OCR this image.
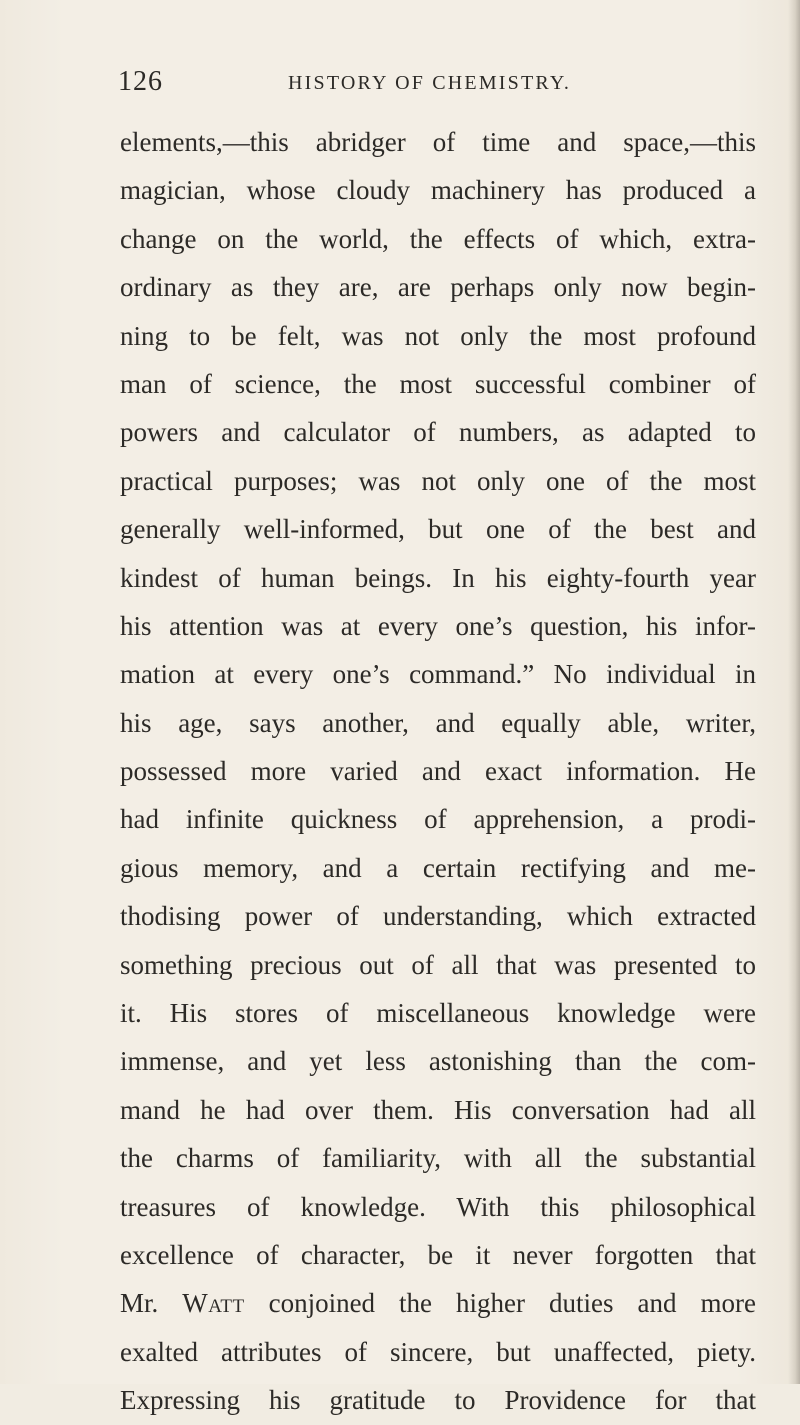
126	HISTORY OF CHEMISTRY.
elements,—this abridger of time and space,—this
magician, whose cloudy machinery has produced a
change on the world, the effects of which, extra-
ordinary as they are, are perhaps only now begin-
ning to be felt, was not only the most profound
man of science, the most successful combiner of
powers and calculator of numbers, as adapted to
practical purposes; was not only one of the most
generally well-informed, but one of the best and
kindest of human beings. In his eighty-fourth year
his attention was at every one’s question, his infor-
mation at every one’s command.” No individual in
his age, says another, and equally able, writer,
possessed more varied and exact information. He
had infinite quickness of apprehension, a prodi-
gious memory, and a certain rectifying and me-
thodising power of understanding, which extracted
something precious out of all that was presented to
it. His stores of miscellaneous knowledge were
immense, and yet less astonishing than the com-
mand he had over them. His conversation had all
the charms of familiarity, with all the substantial
treasures of knowledge. With this philosophical
excellence of character, be it never forgotten that
Mr. Watt conjoined the higher duties and more
exalted attributes of sincere, but unaffected, piety.
Expressing his gratitude to Providence for that
